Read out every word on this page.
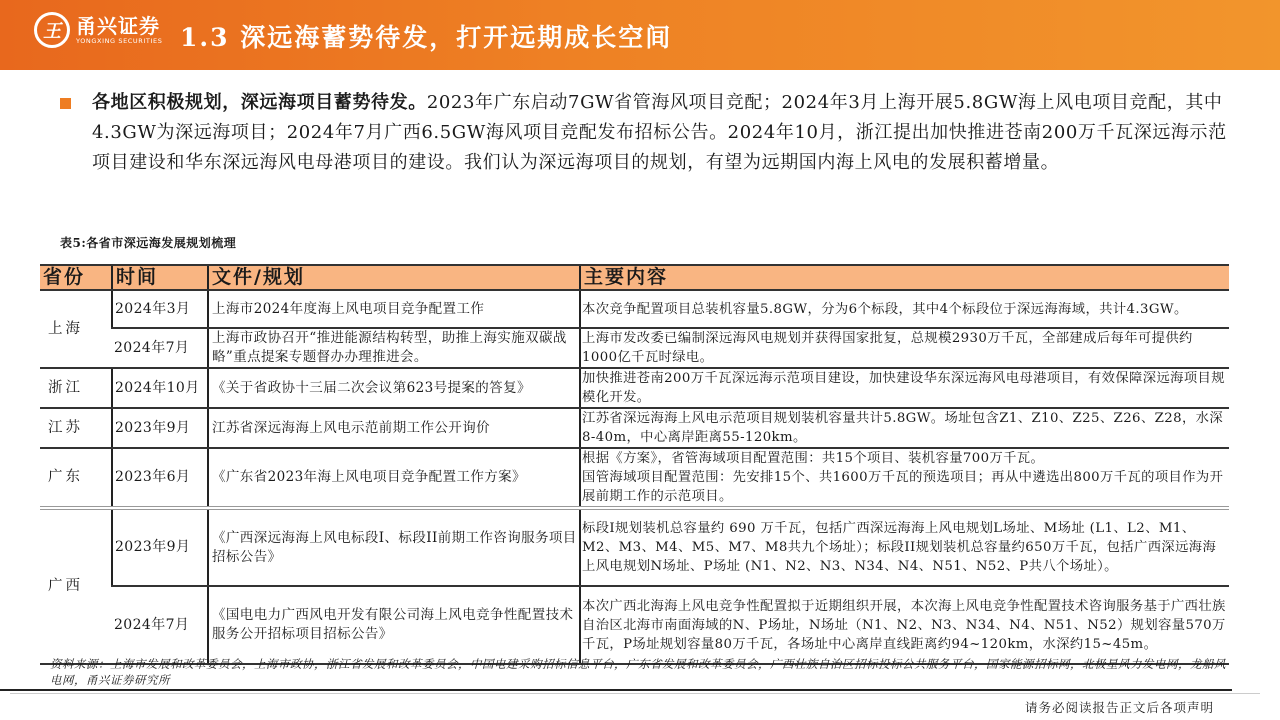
王 甬兴证券
YONGXING SECURITIES 1.3 深远海蓄势待发，打开远期成长空间
各地区积极规划，深远海项目蓄势待发。2023年广东启动7GW省管海风项目竞配；2024年3月上海开展5.8GW海上风电项目竞配，其中4.3GW为深远海项目；2024年7月广西6.5GW海风项目竞配发布招标公告。2024年10月，浙江提出加快推进苍南200万千瓦深远海示范项目建设和华东深远海风电母港项目的建设。我们认为深远海项目的规划，有望为远期国内海上风电的发展积蓄增量。
表5:各省市深远海发展规划梳理
省份	时间	文件/规划	主要内容
上海	2024年3月	上海市2024年度海上风电项目竞争配置工作	本次竞争配置项目总装机容量5.8GW，分为6个标段，其中4个标段位于深远海海域，共计4.3GW。
	2024年7月	上海市政协召开“推进能源结构转型，助推上海实施双碳战略”重点提案专题督办办理推进会。	上海市发改委已编制深远海风电规划并获得国家批复，总规模2930万千瓦，全部建成后每年可提供约1000亿千瓦时绿电。
浙江	2024年10月	《关于省政协十三届二次会议第623号提案的答复》	加快推进苍南200万千瓦深远海示范项目建设，加快建设华东深远海风电母港项目，有效保障深远海项目规模化开发。
江苏	2023年9月	江苏省深远海海上风电示范前期工作公开询价	江苏省深远海海上风电示范项目规划装机容量共计5.8GW。场址包含Z1、Z10、Z25、Z26、Z28，水深8-40m，中心离岸距离55-120km。
广东	2023年6月	《广东省2023年海上风电项目竞争配置工作方案》	根据《方案》，省管海域项目配置范围：共15个项目、装机容量700万千瓦。
国管海域项目配置范围：先安排15个、共1600万千瓦的预选项目；再从中遴选出800万千瓦的项目作为开展前期工作的示范项目。

广西	2023年9月	《广西深远海海上风电标段I、标段II前期工作咨询服务项目招标公告》	标段I规划装机总容量约 690 万千瓦，包括广西深远海海上风电规划L场址、M场址 (L1、L2、M1、M2、M3、M4、M5、M7、M8共九个场址）；标段II规划装机总容量约650万千瓦，包括广西深远海海上风电规划N场址、P场址 (N1、N2、N3、N34、N4、N51、N52、P共八个场址）。
	2024年7月	《国电电力广西风电开发有限公司海上风电竞争性配置技术服务公开招标项目招标公告》	本次广西北海海上风电竞争性配置拟于近期组织开展，本次海上风电竞争性配置技术咨询服务基于广西壮族自治区北海市南面海域的N、P场址，N场址（N1、N2、N3、N34、N4、N51、N52）规划容量570万千瓦，P场址规划容量80万千瓦，各场址中心离岸直线距离约94~120km，水深约15~45m。
资料来源：上海市发展和改革委员会，上海市政协，浙江省发展和改革委员会，中国电建采购招标信息平台，广东省发展和改革委员会，广西壮族自治区招标投标公共服务平台，国家能源招标网，北极星风力发电网，龙船风电网，甬兴证券研究所
请务必阅读报告正文后各项声明
